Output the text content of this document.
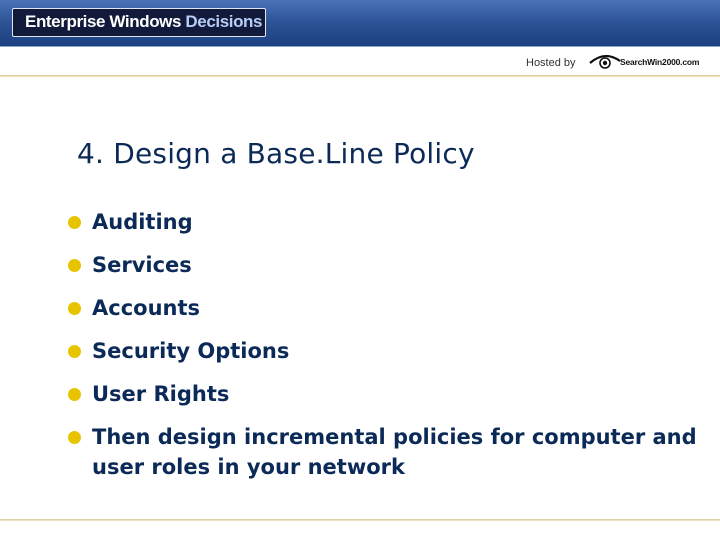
Enterprise Windows Decisions
Hosted by	SearchWin2000.com
4. Design a Base.Line Policy
Auditing
Services
Accounts
Security Options
User Rights
Then design incremental policies for computer and user roles in your network
